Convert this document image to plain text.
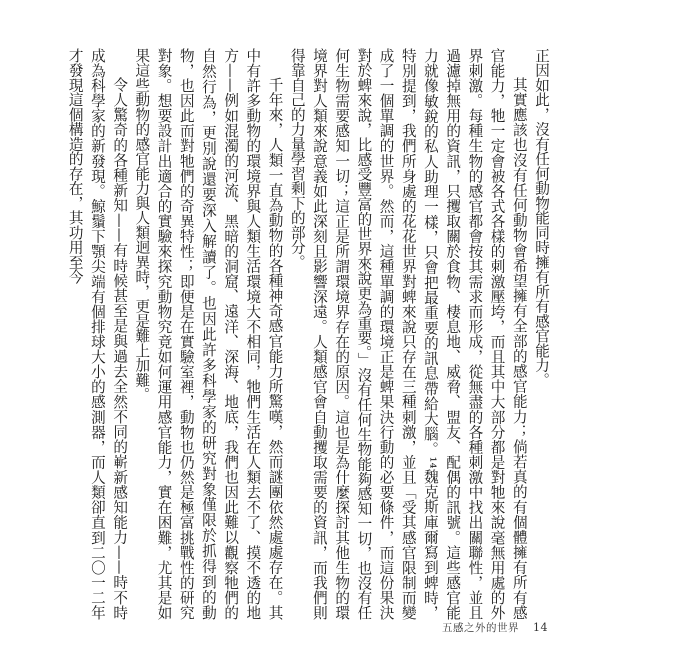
正因如此，沒有任何動物能同時擁有所有感官能力。

其實應該也沒有任何動物會希望擁有全部的感官能力；倘若真的有個體擁有所有感官能力，牠一定會被各式各樣的刺激壓垮，而且其中大部分都是對牠來說毫無用處的外界刺激。每種生物的感官都會按其需求而形成，從無盡的各種刺激中找出關聯性，並且過濾掉無用的資訊，只攫取關於食物、棲息地、威脅、盟友、配偶的訊號。這些感官能力就像敏銳的私人助理一樣，只會把最重要的訊息帶給大腦。¹⁴魏克斯庫爾寫到蜱時，特別提到，我們所身處的花花世界對蜱來說只存在三種刺激，並且「受其感官限制而變成了一個單調的世界。然而，這種單調的環境正是蜱果決行動的必要條件，而這份果決對於蜱來說，比感受豐富的世界來說更為重要。」沒有任何生物能夠感知一切，也沒有任何生物需要感知一切；這正是所謂環境界存在的原因。這也是為什麼探討其他生物的環境界對人類來說意義如此深刻且影響深遠。人類感官會自動攫取需要的資訊，而我們則得靠自己的力量學習剩下的部分。

千年來，人類一直為動物的各種神奇感官能力所驚嘆，然而謎團依然處處存在。其中有許多動物的環境界與人類生活環境大不相同，牠們生活在人類去不了、摸不透的地方——例如混濁的河流、黑暗的洞窟、遠洋、深海、地底，我們也因此難以觀察牠們的自然行為，更別說還要深入解讀了。也因此許多科學家的研究對象僅限於抓得到的動物，也因此而對牠們的奇異特性；即便是在實驗室裡，動物也仍然是極富挑戰性的研究對象。想要設計出適合的實驗來探究動物究竟如何運用感官能力，實在困難，尤其是如果這些動物的感官能力與人類迥異時，更是難上加難。

令人驚奇的各種新知——有時候甚至是與過去全然不同的嶄新感知能力——時不時成為科學家的新發現。鯨鬚下顎尖端有個排球大小的感測器，而人類卻直到二〇一二年才發現這個構造的存在，其功用至今

五感之外的世界 14
